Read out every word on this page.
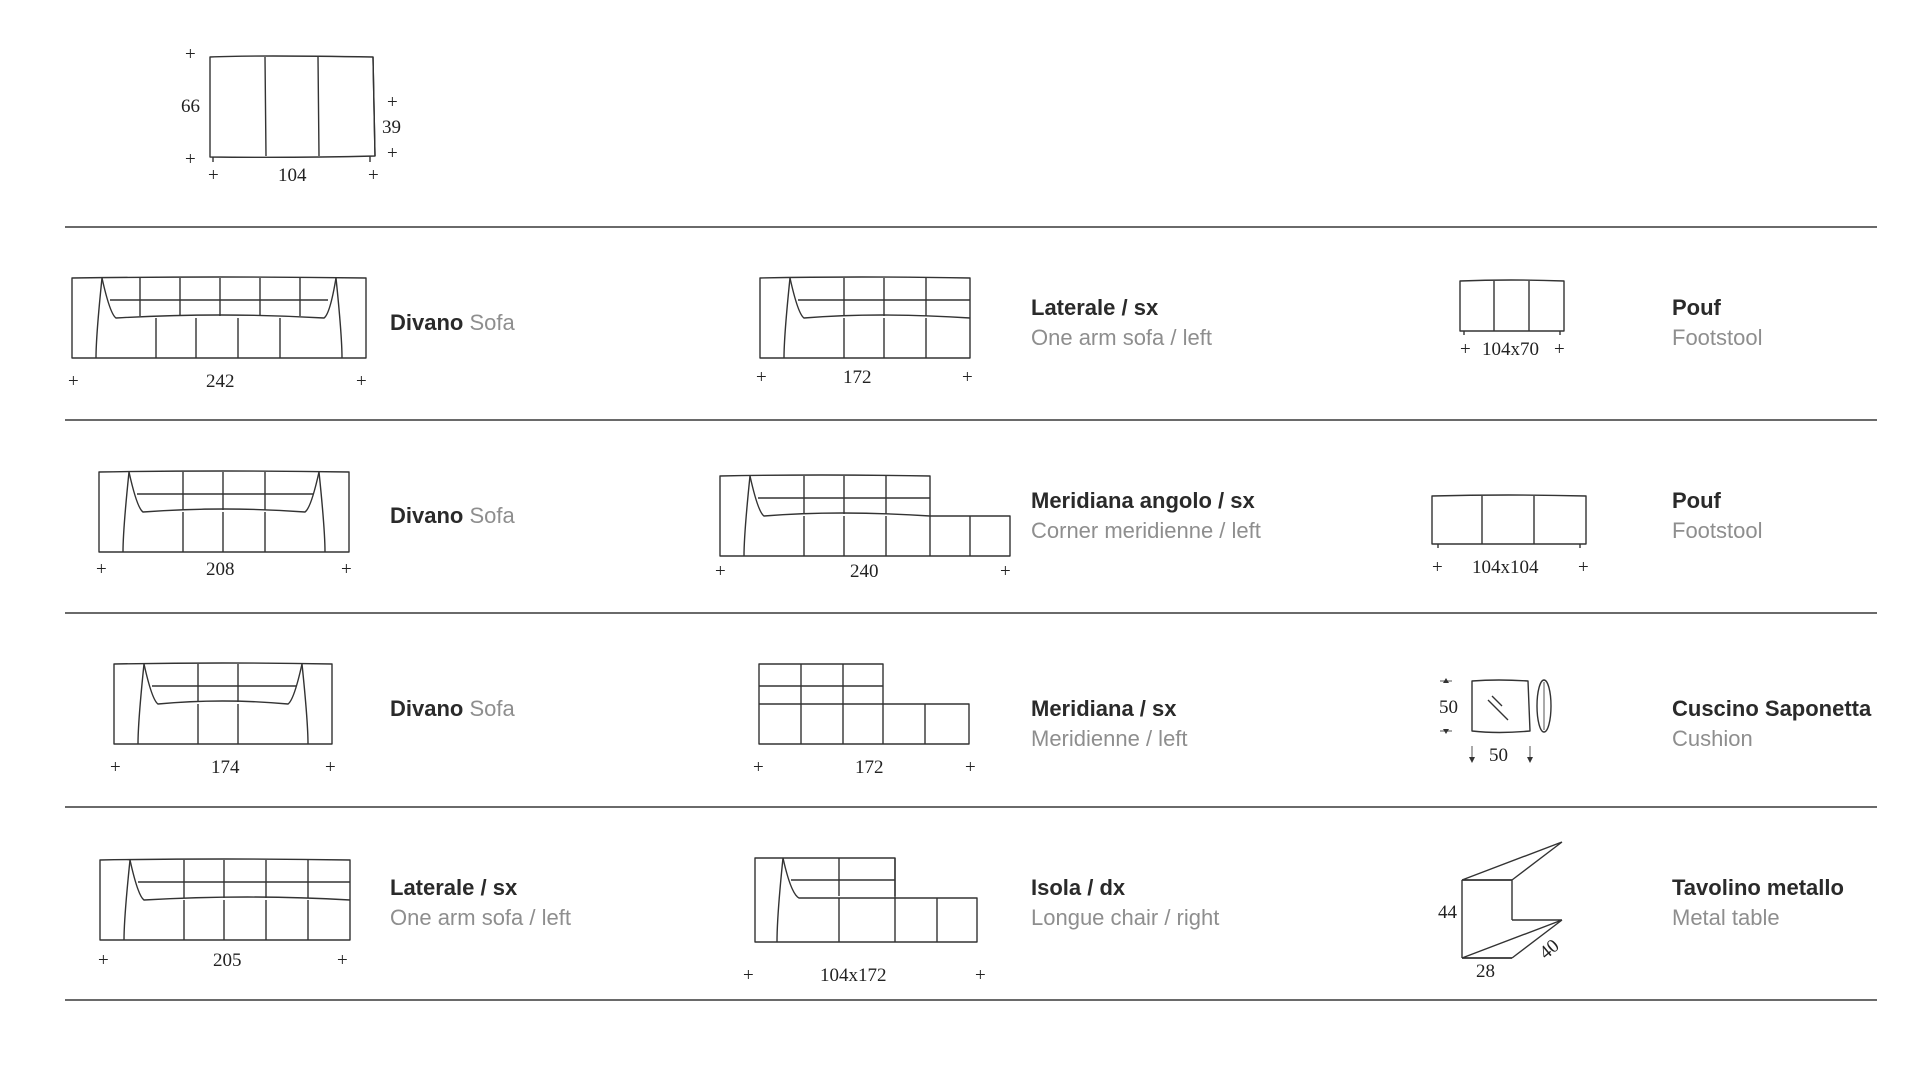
+
+
66	+
39
+
+	104	+
+	242	+
Divano Sofa
+	172	+
Laterale / sx
One arm sofa / left	+ 104x70 +
Pouf
Footstool
+	208	+
Divano Sofa
+	240	+
Meridiana angolo / sx
Corner meridienne / left
+ 104x104 +
Pouf
Footstool
+	174	+
Divano Sofa
+	172	+
Meridiana / sx
Meridienne / left
50
50
Cuscino Saponetta
Cushion
+	205	+
Laterale / sx
One arm sofa / left
+	104x172	+
Isola / dx
Longue chair / right	44
28
40
Tavolino metallo
Metal table
